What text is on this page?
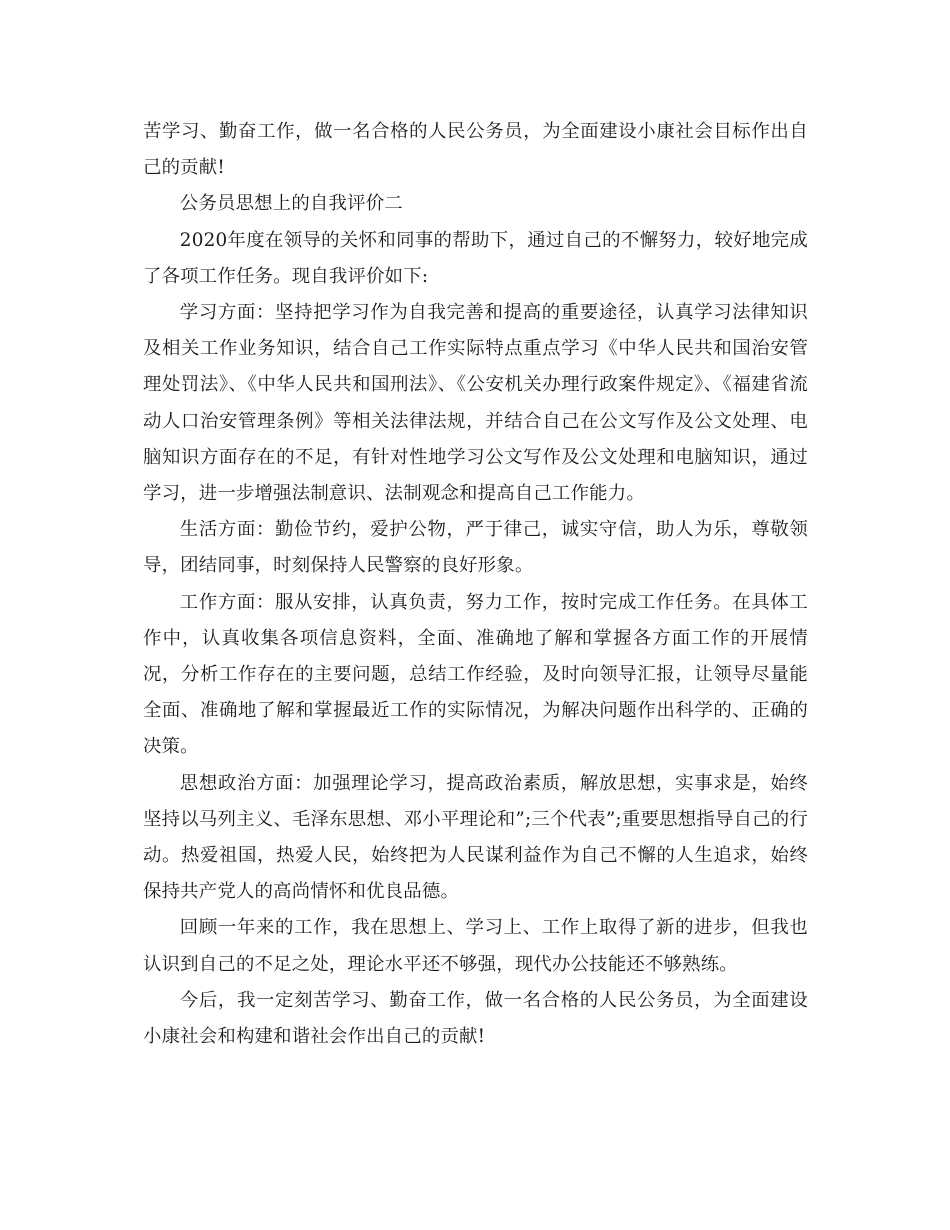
苦学习、勤奋工作，做一名合格的人民公务员，为全面建设小康社会目标作出自己的贡献!

公务员思想上的自我评价二

2020年度在领导的关怀和同事的帮助下，通过自己的不懈努力，较好地完成了各项工作任务。现自我评价如下:

学习方面：坚持把学习作为自我完善和提高的重要途径，认真学习法律知识及相关工作业务知识，结合自己工作实际特点重点学习《中华人民共和国治安管理处罚法》、《中华人民共和国刑法》、《公安机关办理行政案件规定》、《福建省流动人口治安管理条例》等相关法律法规，并结合自己在公文写作及公文处理、电脑知识方面存在的不足，有针对性地学习公文写作及公文处理和电脑知识，通过学习，进一步增强法制意识、法制观念和提高自己工作能力。

生活方面：勤俭节约，爱护公物，严于律己，诚实守信，助人为乐，尊敬领导，团结同事，时刻保持人民警察的良好形象。

工作方面：服从安排，认真负责，努力工作，按时完成工作任务。在具体工作中，认真收集各项信息资料，全面、准确地了解和掌握各方面工作的开展情况，分析工作存在的主要问题，总结工作经验，及时向领导汇报，让领导尽量能全面、准确地了解和掌握最近工作的实际情况，为解决问题作出科学的、正确的决策。

思想政治方面：加强理论学习，提高政治素质，解放思想，实事求是，始终坚持以马列主义、毛泽东思想、邓小平理论和”;三个代表”;重要思想指导自己的行动。热爱祖国，热爱人民，始终把为人民谋利益作为自己不懈的人生追求，始终保持共产党人的高尚情怀和优良品德。

回顾一年来的工作，我在思想上、学习上、工作上取得了新的进步，但我也认识到自己的不足之处，理论水平还不够强，现代办公技能还不够熟练。

今后，我一定刻苦学习、勤奋工作，做一名合格的人民公务员，为全面建设小康社会和构建和谐社会作出自己的贡献!
